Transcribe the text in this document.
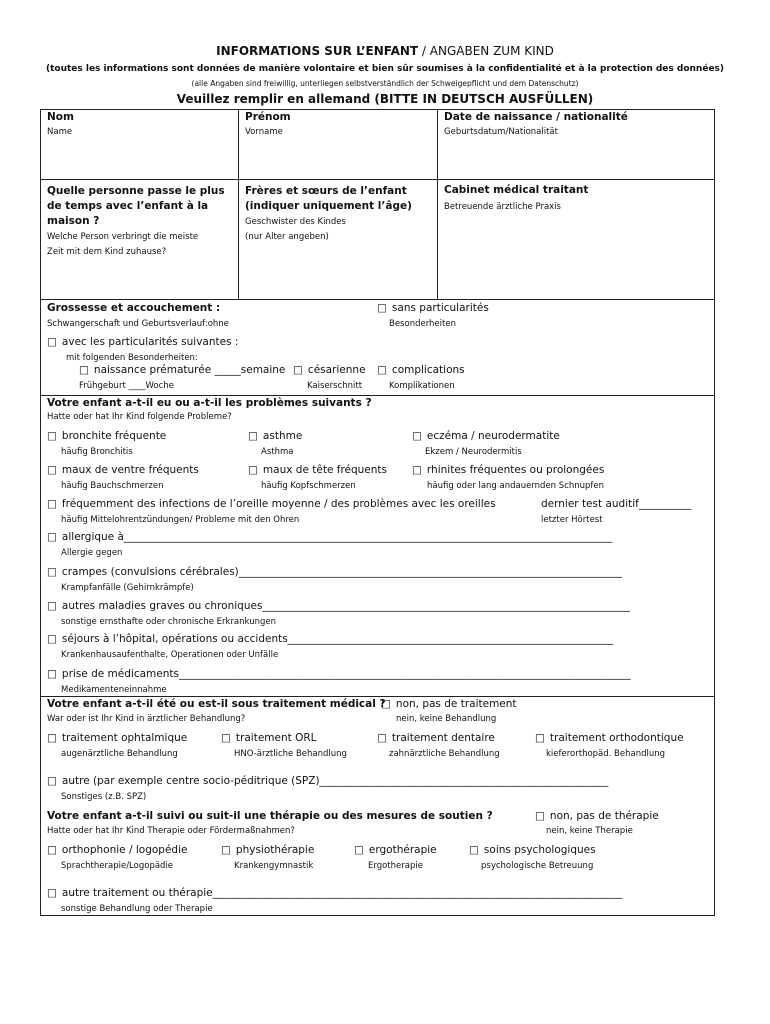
INFORMATIONS SUR L’ENFANT / ANGABEN ZUM KIND
(toutes les informations sont données de manière volontaire et bien sûr soumises à la confidentialité et à la protection des données)
(alle Angaben sind freiwillig, unterliegen selbstverständlich der Schweigepflicht und dem Datenschutz)
Veuillez remplir en allemand (BITTE IN DEUTSCH AUSFÜLLEN)
Nom
Name
Prénom
Vorname
Date de naissance / nationalité
Geburtsdatum/Nationalität
Quelle personne passe le plus
de temps avec l’enfant à la
maison ?
Welche Person verbringt die meiste
Zeit mit dem Kind zuhause?
Frères et sœurs de l’enfant
(indiquer uniquement l’âge)
Geschwister des Kindes
(nur Alter angeben)
Cabinet médical traitant
Betreuende ärztliche Praxis
Grossesse et accouchement :
Schwangerschaft und Geburtsverlauf:ohne
□ sans particularités
Besonderheiten
□ avec les particularités suivantes :
mit folgenden Besonderheiten:
□ naissance prématurée _____semaine
Frühgeburt ____Woche
□ césarienne
Kaiserschnitt
□ complications
Komplikationen
Votre enfant a-t-il eu ou a-t-il les problèmes suivants ?
Hatte oder hat Ihr Kind folgende Probleme?
□ bronchite fréquente
häufig Bronchitis
□ asthme
Asthma
□ eczéma / neurodermatite
Ekzem / Neurodermitis
□ maux de ventre fréquents
häufig Bauchschmerzen
□ maux de tête fréquents
häufig Kopfschmerzen
□ rhinites fréquentes ou prolongées
häufig oder lang andauernden Schnupfen
□ fréquemment des infections de l’oreille moyenne / des problèmes avec les oreilles
häufig Mittelohrentzündungen/ Probleme mit den Ohren
dernier test auditif__________
letzter Hörtest
□ allergique à_____________________________________________________________________________________________
Allergie gegen
□ crampes (convulsions cérébrales)_________________________________________________________________________
Krampfanfälle (Gehirnkrämpfe)
□ autres maladies graves ou chroniques______________________________________________________________________
sonstige ernsthafte oder chronische Erkrankungen
□ séjours à l’hôpital, opérations ou accidents______________________________________________________________
Krankenhausaufenthalte, Operationen oder Unfälle
□ prise de médicaments______________________________________________________________________________________
Medikamenteneinnahme
Votre enfant a-t-il été ou est-il sous traitement médical ?
War oder ist Ihr Kind in ärztlicher Behandlung?
□ non, pas de traitement
nein, keine Behandlung
□ traitement ophtalmique
augenärztliche Behandlung
□ traitement ORL
HNO-ärztliche Behandlung
□ traitement dentaire
zahnärztliche Behandlung
□ traitement orthodontique
kieferorthopäd. Behandlung
□ autre (par exemple centre socio-péditrique (SPZ)_______________________________________________________
Sonstiges (z.B. SPZ)
Votre enfant a-t-il suivi ou suit-il une thérapie ou des mesures de soutien ?
Hatte oder hat Ihr Kind Therapie oder Fördermaßnahmen?
□ non, pas de thérapie
nein, keine Therapie
□ orthophonie / logopédie
Sprachtherapie/Logopädie
□ physiothérapie
Krankengymnastik
□ ergothérapie
Ergotherapie
□ soins psychologiques
psychologische Betreuung
□ autre traitement ou thérapie______________________________________________________________________________
sonstige Behandlung oder Therapie
